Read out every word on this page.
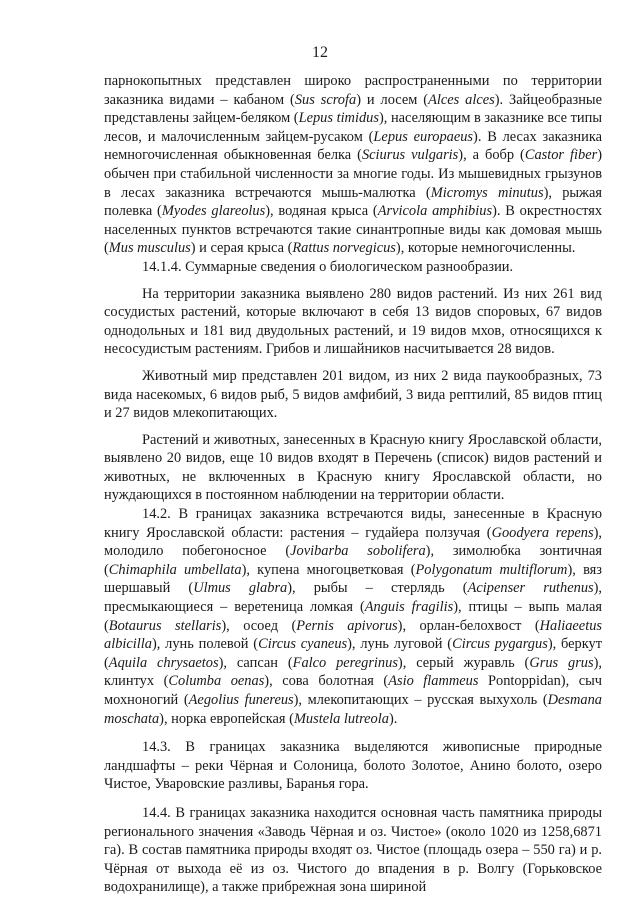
12

парнокопытных представлен широко распространенными по территории заказника видами – кабаном (Sus scrofa) и лосем (Alces alces). Зайцеобразные представлены зайцем-беляком (Lepus timidus), населяющим в заказнике все типы лесов, и малочисленным зайцем-русаком (Lepus europaeus). В лесах заказника немногочисленная обыкновенная белка (Sciurus vulgaris), а бобр (Castor fiber) обычен при стабильной численности за многие годы. Из мышевидных грызунов в лесах заказника встречаются мышь-малютка (Micromys minutus), рыжая полевка (Myodes glareolus), водяная крыса (Arvicola amphibius). В окрестностях населенных пунктов встречаются такие синантропные виды как домовая мышь (Mus musculus) и серая крыса (Rattus norvegicus), которые немногочисленны.

14.1.4. Суммарные сведения о биологическом разнообразии.

На территории заказника выявлено 280 видов растений. Из них 261 вид сосудистых растений, которые включают в себя 13 видов споровых, 67 видов однодольных и 181 вид двудольных растений, и 19 видов мхов, относящихся к несосудистым растениям. Грибов и лишайников насчитывается 28 видов.

Животный мир представлен 201 видом, из них 2 вида паукообразных, 73 вида насекомых, 6 видов рыб, 5 видов амфибий, 3 вида рептилий, 85 видов птиц и 27 видов млекопитающих.

Растений и животных, занесенных в Красную книгу Ярославской области, выявлено 20 видов, еще 10 видов входят в Перечень (список) видов растений и животных, не включенных в Красную книгу Ярославской области, но нуждающихся в постоянном наблюдении на территории области.

14.2. В границах заказника встречаются виды, занесенные в Красную книгу Ярославской области: растения – гудайера ползучая (Goodyera repens), молодило побегоносное (Jovibarba sobolifera), зимолюбка зонтичная (Chimaphila umbellata), купена многоцветковая (Polygonatum multiflorum), вяз шершавый (Ulmus glabra), рыбы – стерлядь (Acipenser ruthenus), пресмыкающиеся – веретеница ломкая (Anguis fragilis), птицы – выпь малая (Botaurus stellaris), осоед (Pernis apivorus), орлан-белохвост (Haliaeetus albicilla), лунь полевой (Circus cyaneus), лунь луговой (Circus pygargus), беркут (Aquila chrysaetos), сапсан (Falco peregrinus), серый журавль (Grus grus), клинтух (Columba oenas), сова болотная (Asio flammeus Pontoppidan), сыч мохноногий (Aegolius funereus), млекопитающих – русская выхухоль (Desmana moschata), норка европейская (Mustela lutreola).

14.3. В границах заказника выделяются живописные природные ландшафты – реки Чёрная и Солоница, болото Золотое, Анино болото, озеро Чистое, Уваровские разливы, Баранья гора.

14.4. В границах заказника находится основная часть памятника природы регионального значения «Заводь Чёрная и оз. Чистое» (около 1020 из 1258,6871 га). В состав памятника природы входят оз. Чистое (площадь озера – 550 га) и р. Чёрная от выхода её из оз. Чистого до впадения в р. Волгу (Горьковское водохранилище), а также прибрежная зона шириной
